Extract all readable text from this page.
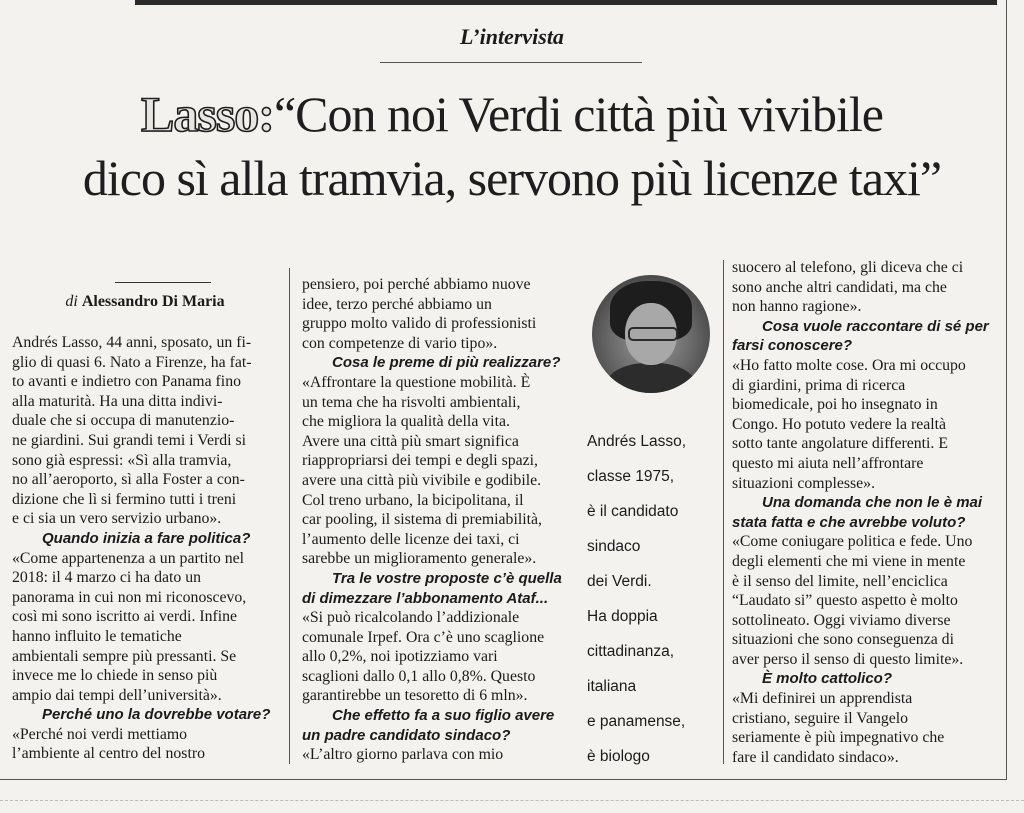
L’intervista
Lasso:“Con noi Verdi città più vivibile
dico sì alla tramvia, servono più licenze taxi”
di Alessandro Di Maria

Andrés Lasso, 44 anni, sposato, un fi-

glio di quasi 6. Nato a Firenze, ha fat-

to avanti e indietro con Panama fino

alla maturità. Ha una ditta indivi-

duale che si occupa di manutenzio-

ne giardini. Sui grandi temi i Verdi si

sono già espressi: «Sì alla tramvia,

no all’aeroporto, sì alla Foster a con-

dizione che lì si fermino tutti i treni

e ci sia un vero servizio urbano».

Quando inizia a fare politica?

«Come appartenenza a un partito nel

2018: il 4 marzo ci ha dato un

panorama in cui non mi riconoscevo,

così mi sono iscritto ai verdi. Infine

hanno influito le tematiche

ambientali sempre più pressanti. Se

invece me lo chiede in senso più

ampio dai tempi dell’università».

Perché uno la dovrebbe votare?

«Perché noi verdi mettiamo

l’ambiente al centro del nostro

pensiero, poi perché abbiamo nuove

idee, terzo perché abbiamo un

gruppo molto valido di professionisti

con competenze di vario tipo».

Cosa le preme di più realizzare?

«Affrontare la questione mobilità. È

un tema che ha risvolti ambientali,

che migliora la qualità della vita.

Avere una città più smart significa

riappropriarsi dei tempi e degli spazi,

avere una città più vivibile e godibile.

Col treno urbano, la bicipolitana, il

car pooling, il sistema di premiabilità,

l’aumento delle licenze dei taxi, ci

sarebbe un miglioramento generale».

Tra le vostre proposte c’è quella

di dimezzare l’abbonamento Ataf...

«Si può ricalcolando l’addizionale

comunale Irpef. Ora c’è uno scaglione

allo 0,2%, noi ipotizziamo vari

scaglioni dallo 0,1 allo 0,8%. Questo

garantirebbe un tesoretto di 6 mln».

Che effetto fa a suo figlio avere

un padre candidato sindaco?

«L’altro giorno parlava con mio

Andrés Lasso,

classe 1975,

è il candidato

sindaco

dei Verdi.

Ha doppia

cittadinanza,

italiana

e panamense,

è biologo

suocero al telefono, gli diceva che ci

sono anche altri candidati, ma che

non hanno ragione».

Cosa vuole raccontare di sé per

farsi conoscere?

«Ho fatto molte cose. Ora mi occupo

di giardini, prima di ricerca

biomedicale, poi ho insegnato in

Congo. Ho potuto vedere la realtà

sotto tante angolature differenti. E

questo mi aiuta nell’affrontare

situazioni complesse».

Una domanda che non le è mai

stata fatta e che avrebbe voluto?

«Come coniugare politica e fede. Uno

degli elementi che mi viene in mente

è il senso del limite, nell’enciclica

“Laudato si” questo aspetto è molto

sottolineato. Oggi viviamo diverse

situazioni che sono conseguenza di

aver perso il senso di questo limite».

È molto cattolico?

«Mi definirei un apprendista

cristiano, seguire il Vangelo

seriamente è più impegnativo che

fare il candidato sindaco».
